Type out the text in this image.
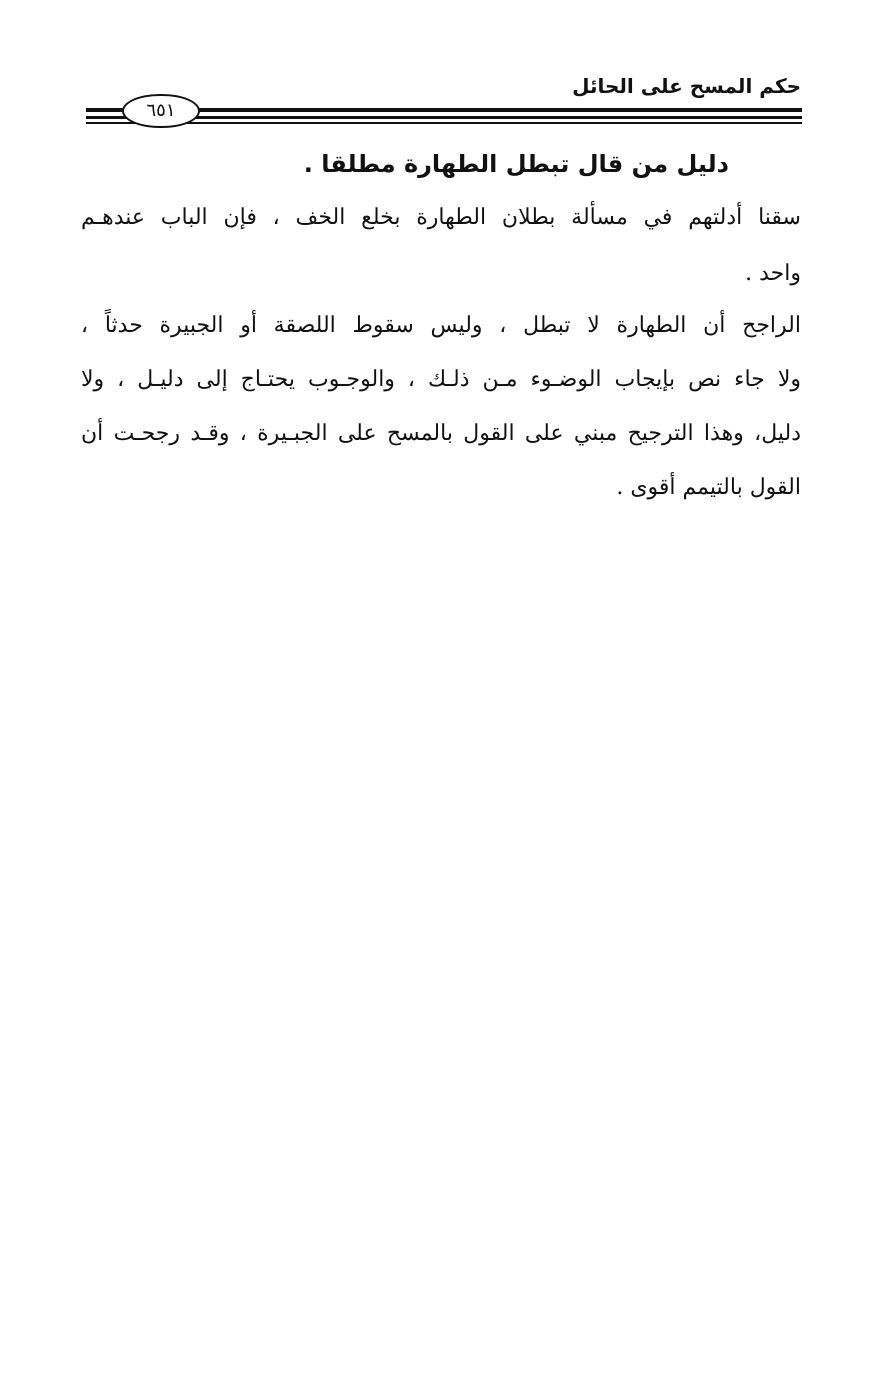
حكم المسح على الحائل
٦٥١
دليل من قال تبطل الطهارة مطلقا .
سقنا أدلتهم في مسألة بطلان الطهارة بخلع الخف ، فإن الباب عندهـم
واحد .
الراجح أن الطهارة لا تبطل ، وليس سقوط اللصقة أو الجبيرة حدثاً ،
ولا جاء نص بإيجاب الوضـوء مـن ذلـك ، والوجـوب يحتـاج إلى دليـل ، ولا
دليل، وهذا الترجيح مبني على القول بالمسح على الجبـيرة ، وقـد رجحـت أن
القول بالتيمم أقوى .
